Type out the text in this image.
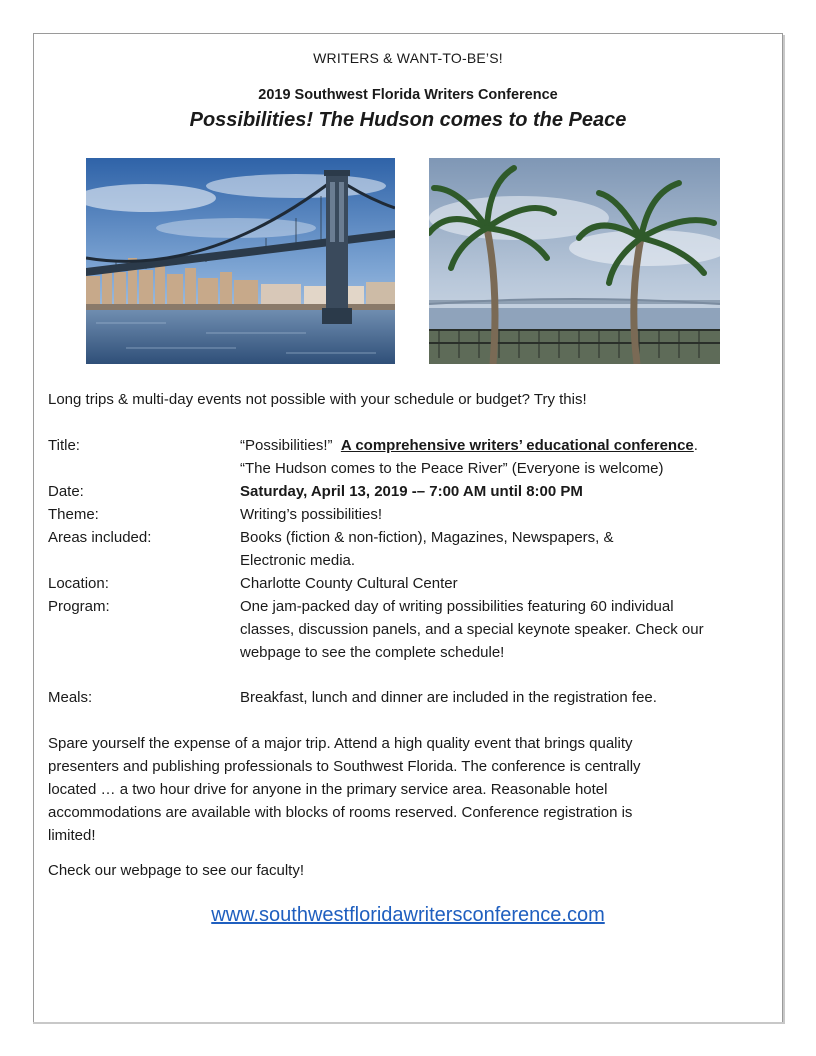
WRITERS & WANT-TO-BE’S!
2019 Southwest Florida Writers Conference
Possibilities! The Hudson comes to the Peace
Long trips & multi-day events not possible with your schedule or budget? Try this!
Title:	“Possibilities!” A comprehensive writers’ educational conference.
“The Hudson comes to the Peace River” (Everyone is welcome)
Date:	Saturday, April 13, 2019 -– 7:00 AM until 8:00 PM
Theme:	Writing’s possibilities!
Areas included:	Books (fiction & non-fiction), Magazines, Newspapers, &
Electronic media.
Location:	Charlotte County Cultural Center
Program:	One jam-packed day of writing possibilities featuring 60 individual
classes, discussion panels, and a special keynote speaker. Check our
webpage to see the complete schedule!
Meals:	Breakfast, lunch and dinner are included in the registration fee.
Spare yourself the expense of a major trip. Attend a high quality event that brings quality
presenters and publishing professionals to Southwest Florida. The conference is centrally
located … a two hour drive for anyone in the primary service area. Reasonable hotel
accommodations are available with blocks of rooms reserved. Conference registration is
limited!
Check our webpage to see our faculty!
www.southwestfloridawritersconference.com
